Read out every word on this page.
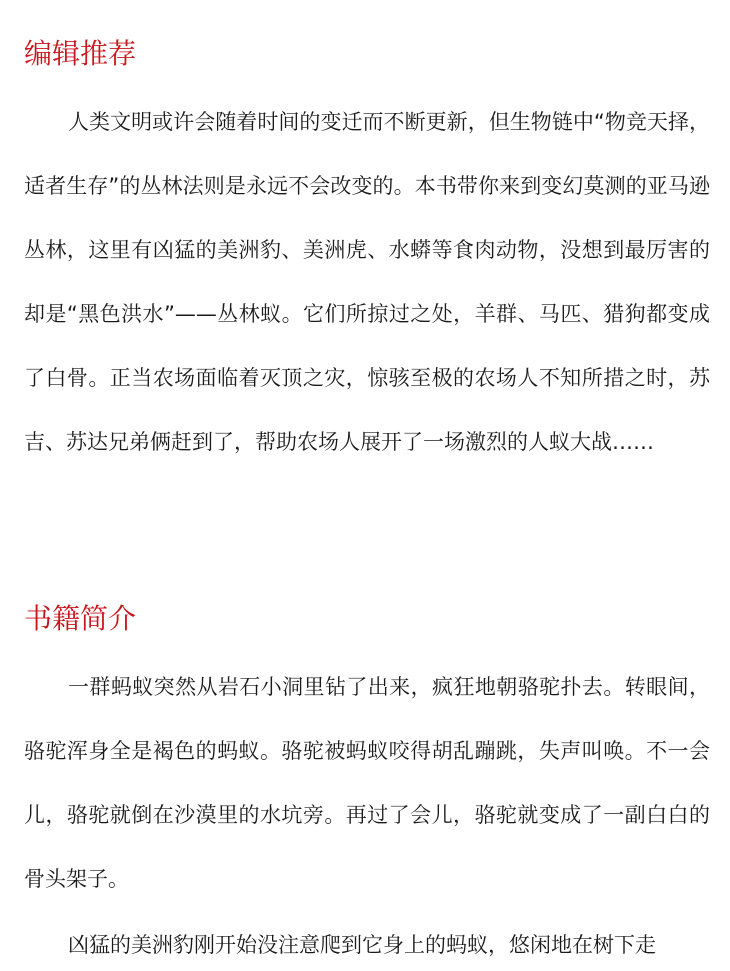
编辑推荐

人类文明或许会随着时间的变迁而不断更新，但生物链中“物竞天择，适者生存”的丛林法则是永远不会改变的。本书带你来到变幻莫测的亚马逊丛林，这里有凶猛的美洲豹、美洲虎、水蟒等食肉动物，没想到最厉害的却是“黑色洪水”——丛林蚁。它们所掠过之处，羊群、马匹、猎狗都变成了白骨。正当农场面临着灭顶之灾，惊骇至极的农场人不知所措之时，苏吉、苏达兄弟俩赶到了，帮助农场人展开了一场激烈的人蚁大战……

书籍简介

一群蚂蚁突然从岩石小洞里钻了出来，疯狂地朝骆驼扑去。转眼间，骆驼浑身全是褐色的蚂蚁。骆驼被蚂蚁咬得胡乱蹦跳，失声叫唤。不一会儿，骆驼就倒在沙漠里的水坑旁。再过了会儿，骆驼就变成了一副白白的骨头架子。

凶猛的美洲豹刚开始没注意爬到它身上的蚂蚁，悠闲地在树下走
